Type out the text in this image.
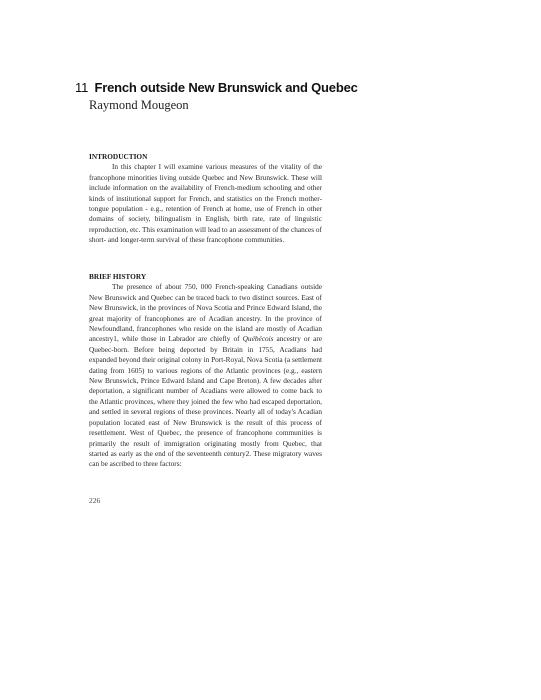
11 French outside New Brunswick and Quebec
Raymond Mougeon

INTRODUCTION

In this chapter I will examine various measures of the vitality of the francophone minorities living outside Quebec and New Brunswick. These will include information on the availability of French-medium schooling and other kinds of institutional support for French, and statistics on the French mother-tongue population - e.g., retention of French at home, use of French in other domains of society, bilingualism in English, birth rate, rate of linguistic reproduction, etc. This examination will lead to an assessment of the chances of short- and longer-term survival of these francophone communities.

BRIEF HISTORY

The presence of about 750, 000 French-speaking Canadians outside New Brunswick and Quebec can be traced back to two distinct sources. East of New Brunswick, in the provinces of Nova Scotia and Prince Edward Island, the great majority of francophones are of Acadian ancestry. In the province of Newfoundland, francophones who reside on the island are mostly of Acadian ancestry1, while those in Labrador are chiefly of Québécois ancestry or are Quebec-born. Before being deported by Britain in 1755, Acadians had expanded beyond their original colony in Port-Royal, Nova Scotia (a settlement dating from 1605) to various regions of the Atlantic provinces (e.g., eastern New Brunswick, Prince Edward Island and Cape Breton). A few decades after deportation, a significant number of Acadians were allowed to come back to the Atlantic provinces, where they joined the few who had escaped deportation, and settled in several regions of these provinces. Nearly all of today's Acadian population located east of New Brunswick is the result of this process of resettlement. West of Quebec, the presence of francophone communities is primarily the result of immigration originating mostly from Quebec, that started as early as the end of the seventeenth century2. These migratory waves can be ascribed to three factors:

226
